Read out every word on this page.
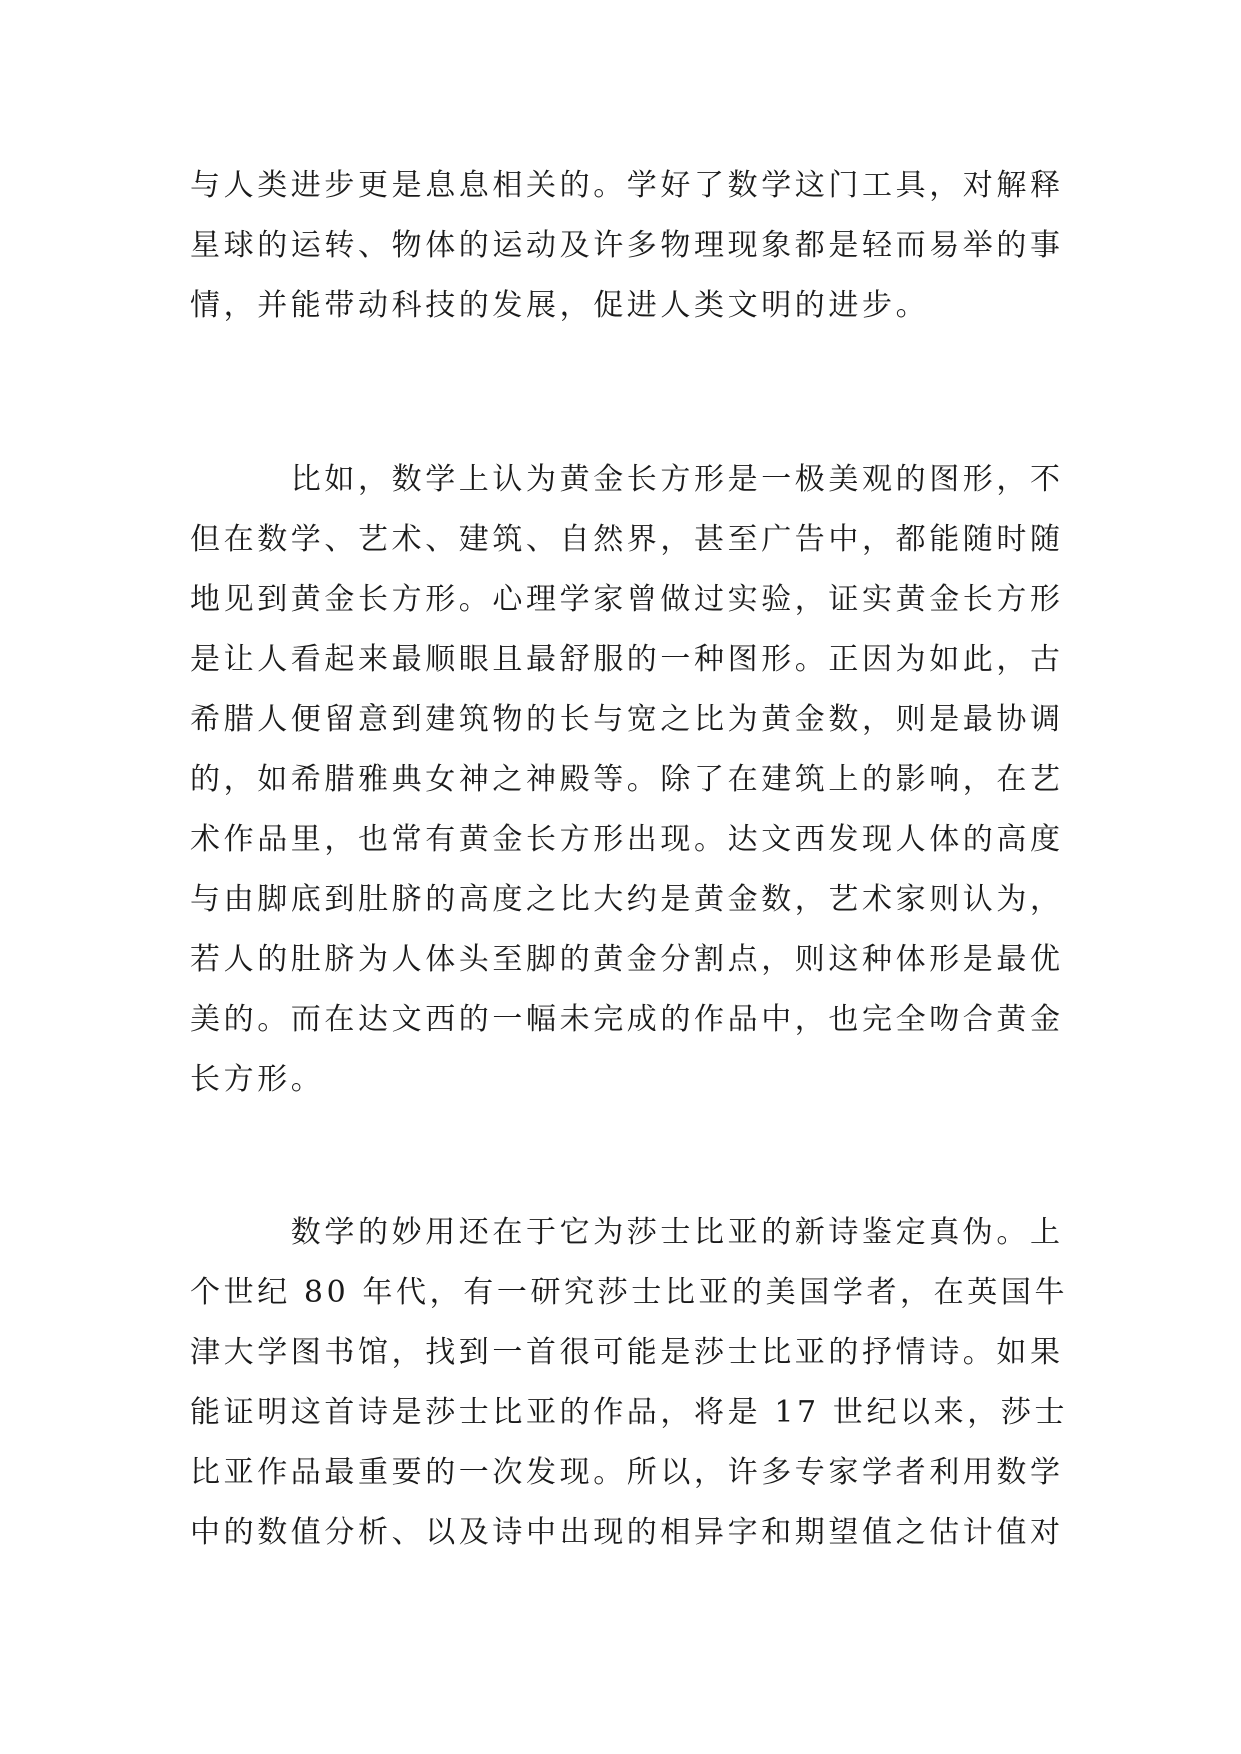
与人类进步更是息息相关的。学好了数学这门工具，对解释
星球的运转、物体的运动及许多物理现象都是轻而易举的事
情，并能带动科技的发展，促进人类文明的进步。
　　　比如，数学上认为黄金长方形是一极美观的图形，不
但在数学、艺术、建筑、自然界，甚至广告中，都能随时随
地见到黄金长方形。心理学家曾做过实验，证实黄金长方形
是让人看起来最顺眼且最舒服的一种图形。正因为如此，古
希腊人便留意到建筑物的长与宽之比为黄金数，则是最协调
的，如希腊雅典女神之神殿等。除了在建筑上的影响，在艺
术作品里，也常有黄金长方形出现。达文西发现人体的高度
与由脚底到肚脐的高度之比大约是黄金数，艺术家则认为，
若人的肚脐为人体头至脚的黄金分割点，则这种体形是最优
美的。而在达文西的一幅未完成的作品中，也完全吻合黄金
长方形。
　　　数学的妙用还在于它为莎士比亚的新诗鉴定真伪。上
个世纪 80 年代，有一研究莎士比亚的美国学者，在英国牛
津大学图书馆，找到一首很可能是莎士比亚的抒情诗。如果
能证明这首诗是莎士比亚的作品，将是 17 世纪以来，莎士
比亚作品最重要的一次发现。所以，许多专家学者利用数学
中的数值分析、以及诗中出现的相异字和期望值之估计值对
